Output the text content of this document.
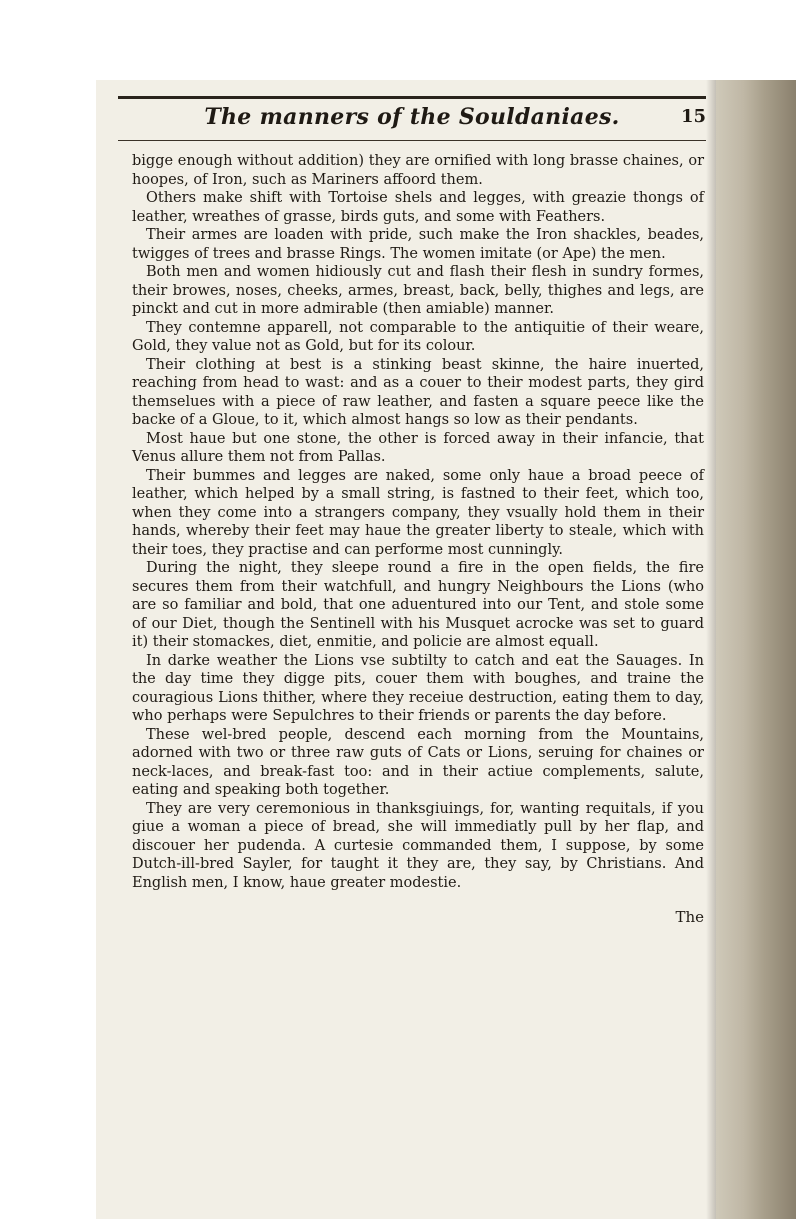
The manners of the Souldaniaes.	15

bigge enough without addition) they are ornified with long brasse chaines, or hoopes, of Iron, such as Mariners affoord them.

Others make shift with Tortoise shels and legges, with greazie thongs of leather, wreathes of grasse, birds guts, and some with Feathers.

Their armes are loaden with pride, such make the Iron shackles, beades, twigges of trees and brasse Rings. The women imitate (or Ape) the men.

Both men and women hidiously cut and flash their flesh in sundry formes, their browes, noses, cheeks, armes, breast, back, belly, thighes and legs, are pinckt and cut in more admirable (then amiable) manner.

They contemne apparell, not comparable to the antiquitie of their weare, Gold, they value not as Gold, but for its colour.

Their clothing at best is a stinking beast skinne, the haire inuerted, reaching from head to wast: and as a couer to their modest parts, they gird themselues with a piece of raw leather, and fasten a square peece like the backe of a Gloue, to it, which almost hangs so low as their pendants.

Most haue but one stone, the other is forced away in their infancie, that Venus allure them not from Pallas.

Their bummes and legges are naked, some only haue a broad peece of leather, which helped by a small string, is fastned to their feet, which too, when they come into a strangers company, they vsually hold them in their hands, whereby their feet may haue the greater liberty to steale, which with their toes, they practise and can performe most cunningly.

During the night, they sleepe round a fire in the open fields, the fire secures them from their watchfull, and hungry Neighbours the Lions (who are so familiar and bold, that one aduentured into our Tent, and stole some of our Diet, though the Sentinell with his Musquet acrocke was set to guard it) their stomackes, diet, enmitie, and policie are almost equall.

In darke weather the Lions vse subtilty to catch and eat the Sauages. In the day time they digge pits, couer them with boughes, and traine the couragious Lions thither, where they receiue destruction, eating them to day, who perhaps were Sepulchres to their friends or parents the day before.

These wel-bred people, descend each morning from the Mountains, adorned with two or three raw guts of Cats or Lions, seruing for chaines or neck-laces, and break-fast too: and in their actiue complements, salute, eating and speaking both together.

They are very ceremonious in thanksgiuings, for, wanting requitals, if you giue a woman a piece of bread, she will immediatly pull by her flap, and discouer her pudenda. A curtesie commanded them, I suppose, by some Dutch-ill-bred Sayler, for taught it they are, they say, by Christians. And English men, I know, haue greater modestie.

The
